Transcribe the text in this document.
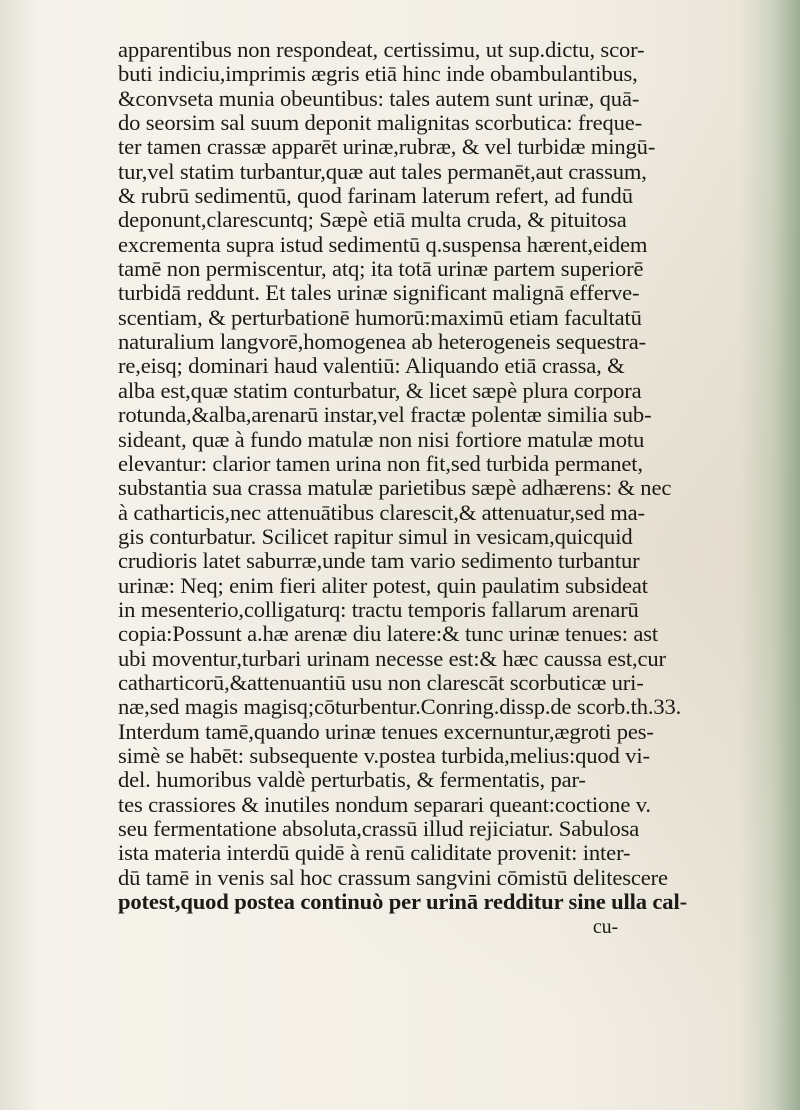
apparentibus non respondeat, certissimu, ut sup.dictu, scor-
buti indiciu,imprimis ægris etiā hinc inde obambulantibus,
&convseta munia obeuntibus: tales autem sunt urinæ, quā-
do seorsim sal suum deponit malignitas scorbutica: freque-
ter tamen crassæ apparēt urinæ,rubræ, & vel turbidæ mingū-
tur,vel statim turbantur,quæ aut tales permanēt,aut crassum,
& rubrū sedimentū, quod farinam laterum refert, ad fundū
deponunt,clarescuntq; Sæpè etiā multa cruda, & pituitosa
excrementa supra istud sedimentū q.suspensa hærent,eidem
tamē non permiscentur, atq; ita totā urinæ partem superiorē
turbidā reddunt. Et tales urinæ significant malignā efferve-
scentiam, & perturbationē humorū:maximū etiam facultatū
naturalium langvorē,homogenea ab heterogeneis sequestra-
re,eisq; dominari haud valentiū: Aliquando etiā crassa, &
alba est,quæ statim conturbatur, & licet sæpè plura corpora
rotunda,&alba,arenarū instar,vel fractæ polentæ similia sub-
sideant, quæ à fundo matulæ non nisi fortiore matulæ motu
elevantur: clarior tamen urina non fit,sed turbida permanet,
substantia sua crassa matulæ parietibus sæpè adhærens: & nec
à catharticis,nec attenuātibus clarescit,& attenuatur,sed ma-
gis conturbatur. Scilicet rapitur simul in vesicam,quicquid
crudioris latet saburræ,unde tam vario sedimento turbantur
urinæ: Neq; enim fieri aliter potest, quin paulatim subsideat
in mesenterio,colligaturq: tractu temporis fallarum arenarū
copia:Possunt a.hæ arenæ diu latere:& tunc urinæ tenues: ast
ubi moventur,turbari urinam necesse est:& hæc caussa est,cur
catharticorū,&attenuantiū usu non clarescāt scorbuticæ uri-
næ,sed magis magisq;cōturbentur.Conring.dissp.de scorb.th.33.
Interdum tamē,quando urinæ tenues excernuntur,ægroti pes-
simè se habēt: subsequente v.postea turbida,melius:quod vi-
del. humoribus valdè perturbatis, & fermentatis, par-
tes crassiores & inutiles nondum separari queant:coctione v.
seu fermentatione absoluta,crassū illud rejiciatur. Sabulosa
ista materia interdū quidē à renū caliditate provenit: inter-
dū tamē in venis sal hoc crassum sangvini cōmistū delitescere
potest,quod postea continuò per urinā redditur sine ulla cal-
cu-
